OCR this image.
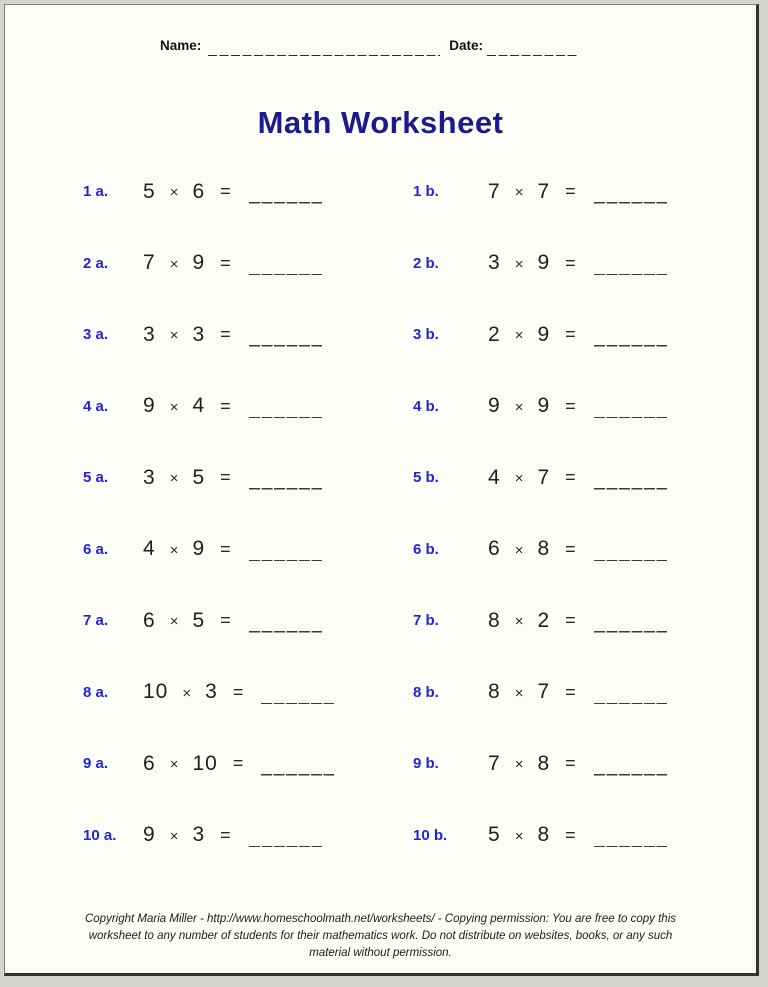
Name:	Date:
Math Worksheet
1 a.	5 × 6 =	1 b.	7 × 7 =
2 a.	7 × 9 =	2 b.	3 × 9 =
3 a.	3 × 3 =	3 b.	2 × 9 =
4 a.	9 × 4 =	4 b.	9 × 9 =
5 a.	3 × 5 =	5 b.	4 × 7 =
6 a.	4 × 9 =	6 b.	6 × 8 =
7 a.	6 × 5 =	7 b.	8 × 2 =
8 a.	10 × 3 =	8 b.	8 × 7 =
9 a.	6 × 10 =	9 b.	7 × 8 =
10 a.	9 × 3 =	10 b.	5 × 8 =

Copyright Maria Miller - http://www.homeschoolmath.net/worksheets/ - Copying permission: You are free to copy this worksheet to any number of students for their mathematics work. Do not distribute on websites, books, or any such material without permission.
